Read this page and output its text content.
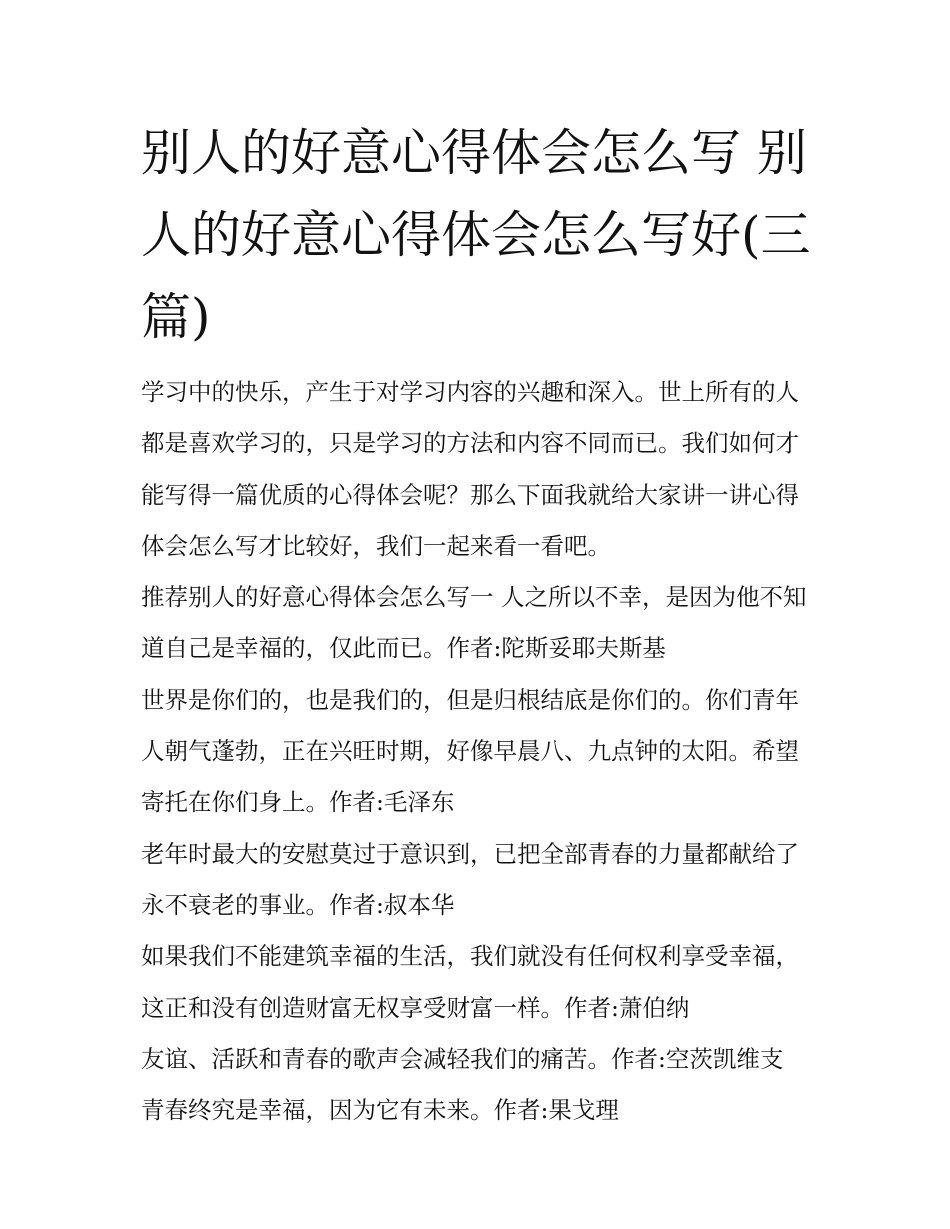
别人的好意心得体会怎么写 别人的好意心得体会怎么写好(三篇)

学习中的快乐，产生于对学习内容的兴趣和深入。世上所有的人都是喜欢学习的，只是学习的方法和内容不同而已。我们如何才能写得一篇优质的心得体会呢？那么下面我就给大家讲一讲心得体会怎么写才比较好，我们一起来看一看吧。

推荐别人的好意心得体会怎么写一 人之所以不幸，是因为他不知道自己是幸福的，仅此而已。作者:陀斯妥耶夫斯基

世界是你们的，也是我们的，但是归根结底是你们的。你们青年人朝气蓬勃，正在兴旺时期，好像早晨八、九点钟的太阳。希望寄托在你们身上。作者:毛泽东

老年时最大的安慰莫过于意识到，已把全部青春的力量都献给了永不衰老的事业。作者:叔本华

如果我们不能建筑幸福的生活，我们就没有任何权利享受幸福，这正和没有创造财富无权享受财富一样。作者:萧伯纳

友谊、活跃和青春的歌声会减轻我们的痛苦。作者:空茨凯维支 青春终究是幸福，因为它有未来。作者:果戈理
